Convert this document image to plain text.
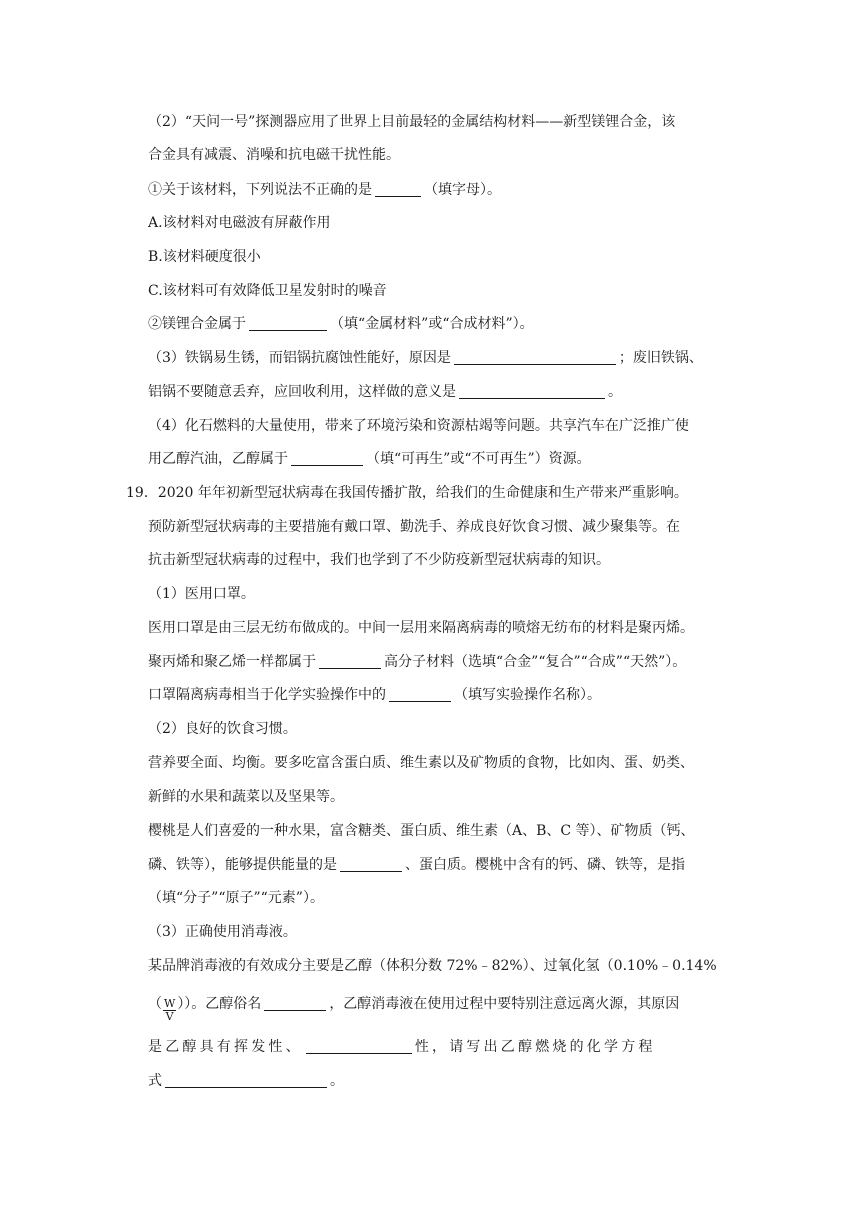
（2）“天问一号”探测器应用了世界上目前最轻的金属结构材料——新型镁锂合金，该
合金具有减震、消噪和抗电磁干扰性能。
①关于该材料，下列说法不正确的是	（填字母）。
A.该材料对电磁波有屏蔽作用
B.该材料硬度很小
C.该材料可有效降低卫星发射时的噪音
②镁锂合金属于	（填“金属材料”或“合成材料”）。
（3）铁锅易生锈，而铝锅抗腐蚀性能好，原因是	；废旧铁锅、
铝锅不要随意丢弃，应回收利用，这样做的意义是	。
（4）化石燃料的大量使用，带来了环境污染和资源枯竭等问题。共享汽车在广泛推广使
用乙醇汽油，乙醇属于	（填“可再生”或“不可再生”）资源。
19．2020 年年初新型冠状病毒在我国传播扩散，给我们的生命健康和生产带来严重影响。
预防新型冠状病毒的主要措施有戴口罩、勤洗手、养成良好饮食习惯、减少聚集等。在
抗击新型冠状病毒的过程中，我们也学到了不少防疫新型冠状病毒的知识。
（1）医用口罩。
医用口罩是由三层无纺布做成的。中间一层用来隔离病毒的喷熔无纺布的材料是聚丙烯。
聚丙烯和聚乙烯一样都属于	高分子材料（选填“合金”“复合”“合成”“天然”）。
口罩隔离病毒相当于化学实验操作中的	（填写实验操作名称）。
（2）良好的饮食习惯。
营养要全面、均衡。要多吃富含蛋白质、维生素以及矿物质的食物，比如肉、蛋、奶类、
新鲜的水果和蔬菜以及坚果等。
樱桃是人们喜爱的一种水果，富含糖类、蛋白质、维生素（A、B、C 等）、矿物质（钙、
磷、铁等），能够提供能量的是	、蛋白质。樱桃中含有的钙、磷、铁等，是指
（填“分子”“原子”“元素”）。
（3）正确使用消毒液。
某品牌消毒液的有效成分主要是乙醇（体积分数 72%﹣82%）、过氧化氢（0.10%﹣0.14%
（ $\frac{W}{V}$ ））。乙醇俗名	，乙醇消毒液在使用过程中要特别注意远离火源，其原因
是乙醇具有挥发性、	性，请写出乙醇燃烧的化学方程
式	。
